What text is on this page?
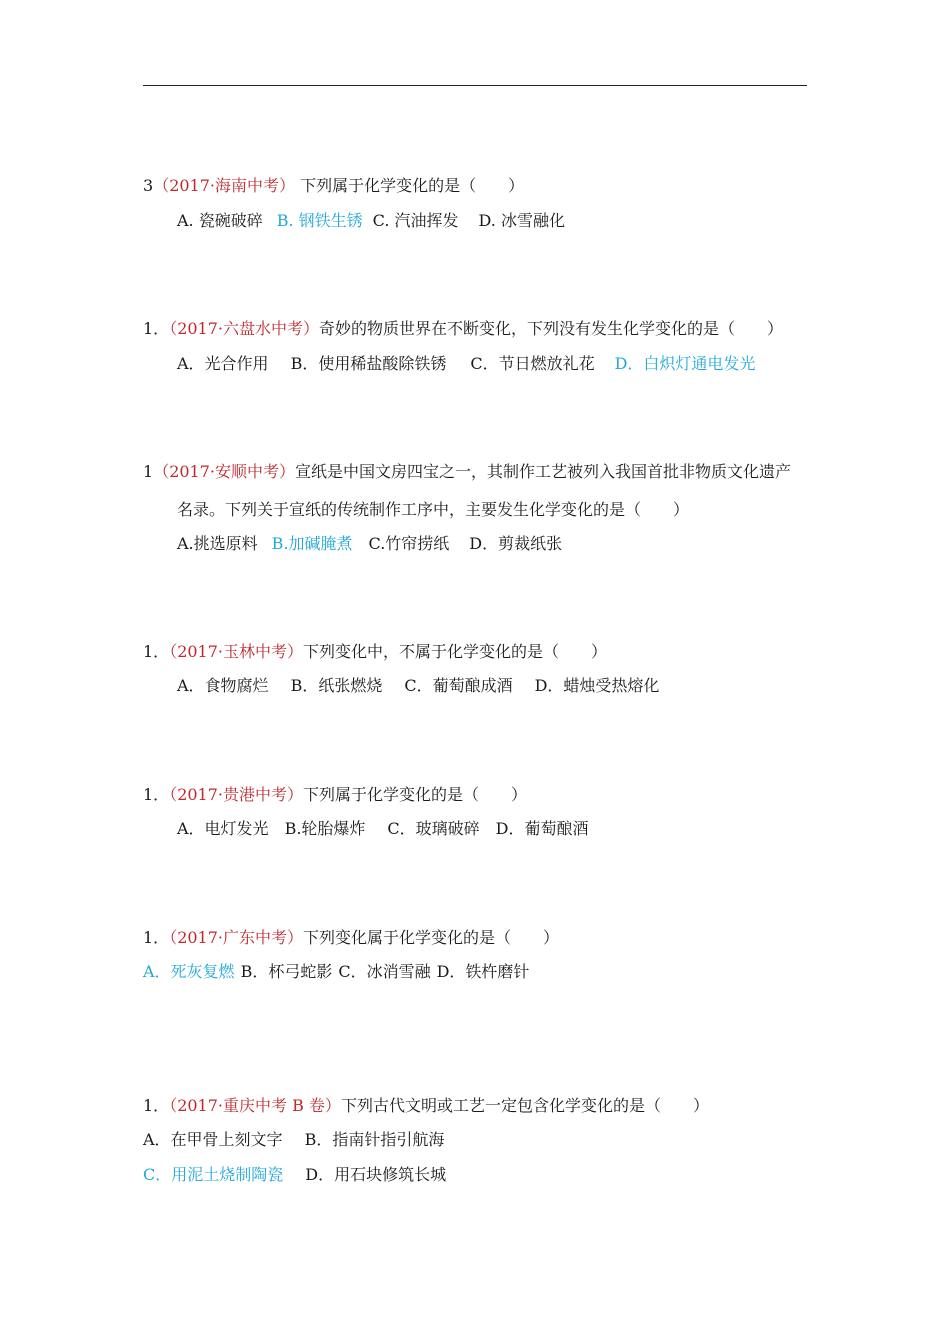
3（2017·海南中考） 下列属于化学变化的是（　　）
A. 瓷碗破碎 B. 钢铁生锈 C. 汽油挥发 D. 冰雪融化
1．（2017·六盘水中考）奇妙的物质世界在不断变化，下列没有发生化学变化的是（　　）
A．光合作用 B．使用稀盐酸除铁锈 C．节日燃放礼花 D．白炽灯通电发光
1（2017·安顺中考）宣纸是中国文房四宝之一，其制作工艺被列入我国首批非物质文化遗产
名录。下列关于宣纸的传统制作工序中，主要发生化学变化的是（　　）
A.挑选原料 B.加碱腌煮 C.竹帘捞纸 D．剪裁纸张
1．（2017·玉林中考）下列变化中，不属于化学变化的是（　　）
A．食物腐烂 B．纸张燃烧 C．葡萄酿成酒 D．蜡烛受热熔化
1．（2017·贵港中考）下列属于化学变化的是（　　）
A．电灯发光 B.轮胎爆炸 C．玻璃破碎 D．葡萄酿酒
1．（2017·广东中考）下列变化属于化学变化的是（　　）
A．死灰复燃 B．杯弓蛇影 C．冰消雪融 D．铁杵磨针
1．（2017·重庆中考 B 卷）下列古代文明或工艺一定包含化学变化的是（　　）
A．在甲骨上刻文字 B．指南针指引航海
C．用泥土烧制陶瓷 D．用石块修筑长城
